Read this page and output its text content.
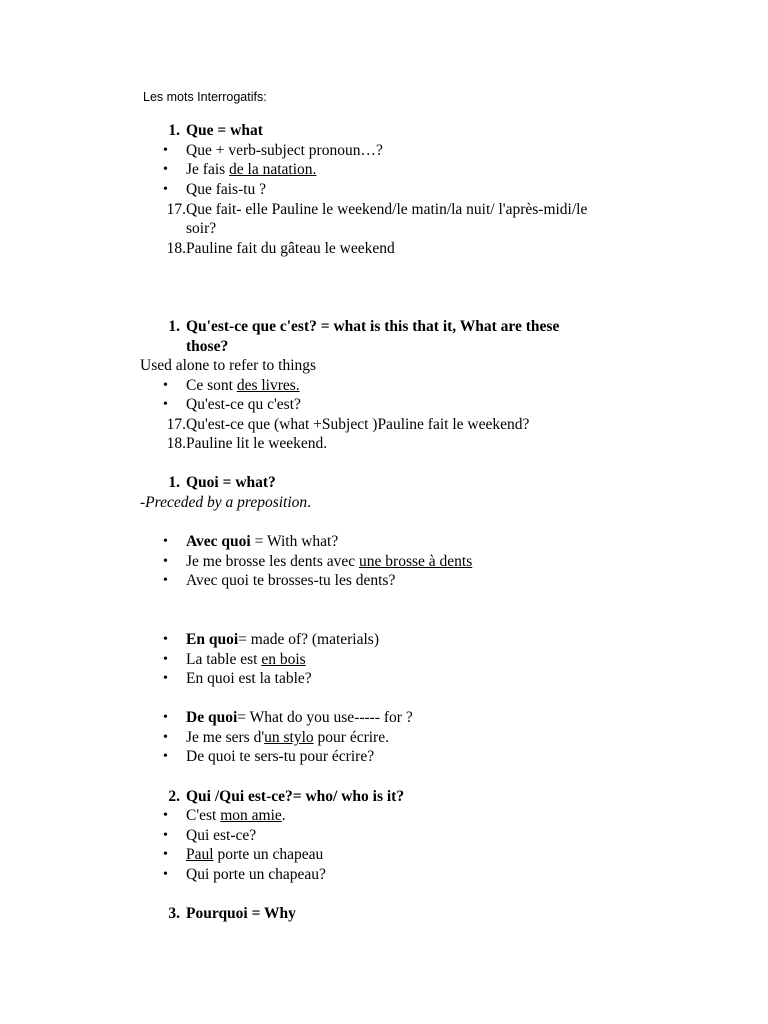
Les mots Interrogatifs:
1. Que = what
• Que + verb-subject pronoun…?
• Je fais de la natation.
• Que fais-tu ?
17. Que fait- elle Pauline le weekend/le matin/la nuit/ l'après-midi/le
soir?
18. Pauline fait du gâteau le weekend
1. Qu'est-ce que c'est? = what is this that it, What are these
those?
Used alone to refer to things
• Ce sont des livres.
• Qu'est-ce qu c'est?
17. Qu'est-ce que (what +Subject )Pauline fait le weekend?
18. Pauline lit le weekend.
1. Quoi = what?
-Preceded by a preposition.
• Avec quoi = With what?
• Je me brosse les dents avec une brosse à dents
• Avec quoi te brosses-tu les dents?
• En quoi= made of? (materials)
• La table est en bois
• En quoi est la table?
• De quoi= What do you use----- for ?
• Je me sers d'un stylo pour écrire.
• De quoi te sers-tu pour écrire?
2. Qui /Qui est-ce?= who/ who is it?
• C'est mon amie.
• Qui est-ce?
• Paul porte un chapeau
• Qui porte un chapeau?
3. Pourquoi = Why
